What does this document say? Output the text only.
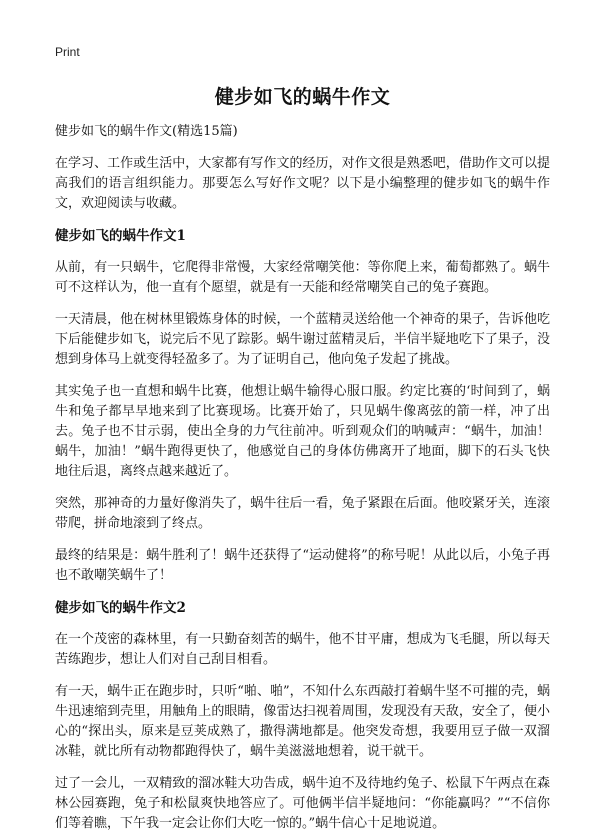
Print
健步如飞的蜗牛作文
健步如飞的蜗牛作文(精选15篇)

在学习、工作或生活中，大家都有写作文的经历，对作文很是熟悉吧，借助作文可以提高我们的语言组织能力。那要怎么写好作文呢？以下是小编整理的健步如飞的蜗牛作文，欢迎阅读与收藏。

健步如飞的蜗牛作文1

从前，有一只蜗牛，它爬得非常慢，大家经常嘲笑他：等你爬上来，葡萄都熟了。蜗牛可不这样认为，他一直有个愿望，就是有一天能和经常嘲笑自己的兔子赛跑。

一天清晨，他在树林里锻炼身体的时候，一个蓝精灵送给他一个神奇的果子，告诉他吃下后能健步如飞，说完后不见了踪影。蜗牛谢过蓝精灵后，半信半疑地吃下了果子，没想到身体马上就变得轻盈多了。为了证明自己，他向兔子发起了挑战。

其实兔子也一直想和蜗牛比赛，他想让蜗牛输得心服口服。约定比赛的‘时间到了，蜗牛和兔子都早早地来到了比赛现场。比赛开始了，只见蜗牛像离弦的箭一样，冲了出去。兔子也不甘示弱，使出全身的力气往前冲。听到观众们的呐喊声：“蜗牛，加油！蜗牛，加油！”蜗牛跑得更快了，他感觉自己的身体仿佛离开了地面，脚下的石头飞快地往后退，离终点越来越近了。

突然，那神奇的力量好像消失了，蜗牛往后一看，兔子紧跟在后面。他咬紧牙关，连滚带爬，拼命地滚到了终点。

最终的结果是：蜗牛胜利了！蜗牛还获得了“运动健将”的称号呢！从此以后，小兔子再也不敢嘲笑蜗牛了！

健步如飞的蜗牛作文2

在一个茂密的森林里，有一只勤奋刻苦的蜗牛，他不甘平庸，想成为飞毛腿，所以每天苦练跑步，想让人们对自己刮目相看。

有一天，蜗牛正在跑步时，只听“啪、啪”，不知什么东西敲打着蜗牛坚不可摧的壳，蜗牛迅速缩到壳里，用触角上的眼睛，像雷达扫视着周围，发现没有天敌，安全了，便小心的“探出头，原来是豆荚成熟了，撒得满地都是。他突发奇想，我要用豆子做一双溜冰鞋，就比所有动物都跑得快了，蜗牛美滋滋地想着，说干就干。

过了一会儿，一双精致的溜冰鞋大功告成，蜗牛迫不及待地约兔子、松鼠下午两点在森林公园赛跑，兔子和松鼠爽快地答应了。可他俩半信半疑地问：“你能赢吗？”“不信你们等着瞧，下午我一定会让你们大吃一惊的。”蜗牛信心十足地说道。
